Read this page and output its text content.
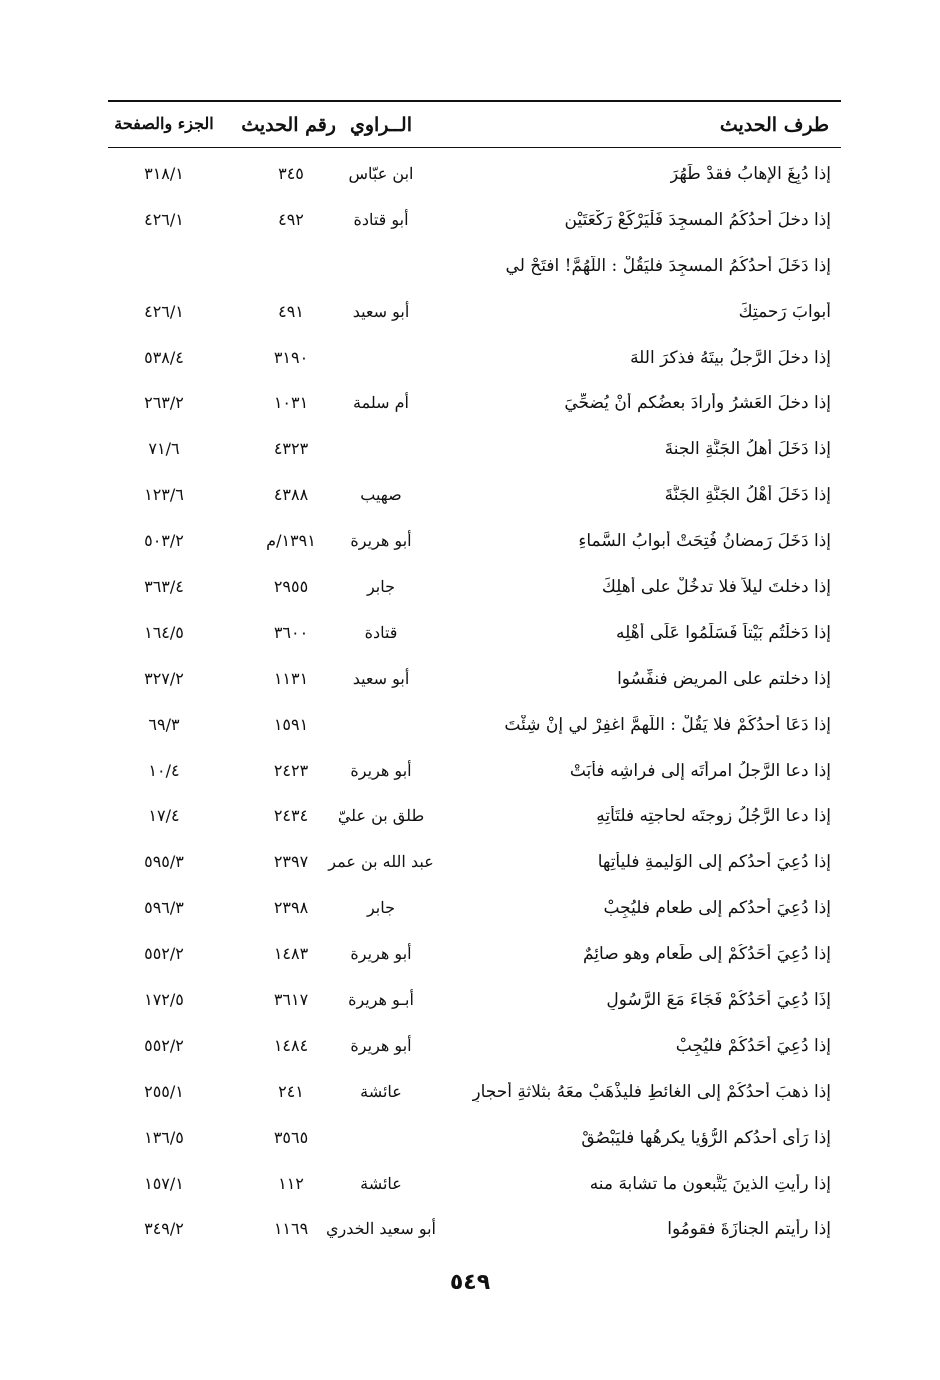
طرف الحديث
الــراوي
رقم الحديث
الجزء والصفحة
إذا دُبِغَ الإهابُ فقدْ طَهُرَ
ابن عبّاس
٣٤٥
٣١٨/١
إذا دخلَ أحدُكُمُ المسجِدَ فَلْيَرْكَعْ رَكْعَتَيْنِ
أبو قتادة
٤٩٢
٤٢٦/١
إذا دَخَلَ أحدُكُمُ المسجِدَ فليَقُلْ : اللَّهُمَّ! افتَحْ لي
أبوابَ رَحمتِكَ
أبو سعيد
٤٩١
٤٢٦/١
إذا دخلَ الرَّجلُ بيتَهُ فذكرَ اللهَ
٣١٩٠
٥٣٨/٤
إذا دخلَ العَشرُ وأرادَ بعضُكم أنْ يُضحِّيَ
أم سلمة
١٠٣١
٢٦٣/٢
إذا دَخَلَ أهلُ الجَنَّةِ الجنةَ
٤٣٢٣
٧١/٦
إذا دَخَلَ أَهْلُ الجَنَّةِ الجَنَّةَ
صهيب
٤٣٨٨
١٢٣/٦
إذا دَخَلَ رَمضانُ فُتِحَتْ أَبوابُ السَّماءِ
أبو هريرة
١٣٩١/م
٥٠٣/٢
إذا دخلتَ ليلاً فلا تدخُلْ على أهلِكَ
جابر
٢٩٥٥
٣٦٣/٤
إذا دَخلْتُم بَيْتاً فَسَلِّمُوا عَلَى أَهْلِه
قتادة
٣٦٠٠
١٦٤/٥
إذا دخلتم على المريضِ فنفِّسُوا
أبو سعيد
١١٣١
٣٢٧/٢
إذا دَعَا أحدُكُمْ فلا يَقُلْ : اللَّهمَّ اغفِرْ لي إنْ شِئْتَ
١٥٩١
٦٩/٣
إذا دعا الرَّجلُ امرأتَه إلى فراشِه فأبَتْ
أبو هريرة
٢٤٢٣
١٠/٤
إذا دعا الرَّجُلُ زوجتَه لحاجتِه فلتَأْتِهِ
طلق بن عليّ
٢٤٣٤
١٧/٤
إذا دُعِيَ أحدُكم إلى الوَليمةِ فليأتِها
عبد الله بن عمر
٢٣٩٧
٥٩٥/٣
إذا دُعِيَ أحدُكم إلى طعامٍ فليُجِبْ
جابر
٢٣٩٨
٥٩٦/٣
إذا دُعِيَ أَحَدُكُمْ إلى طَعامٍ وهو صائِمٌ
أبو هريرة
١٤٨٣
٥٥٢/٢
إِذَا دُعِيَ أَحَدُكُمْ فَجَاءَ مَعَ الرَّسُولِ
أبـو هريرة
٣٦١٧
١٧٢/٥
إذا دُعِيَ أَحَدُكُمْ فليُجِبْ
أبو هريرة
١٤٨٤
٥٥٢/٢
إذا ذهبَ أحدُكُمْ إلى الغائطِ فليذْهَبْ معَهُ بثلاثةِ أحجارٍ
عائشة
٢٤١
٢٥٥/١
إذا رَأَى أحدُكم الرُّؤيا يكرهُها فليَبْصُقْ
٣٥٦٥
١٣٦/٥
إذا رأيتِ الذينَ يَتَّبعون ما تشابهَ منه
عائشة
١١٢
١٥٧/١
إذا رأيتم الجنازَةَ فقومُوا
أبو سعيد الخدري
١١٦٩
٣٤٩/٢
٥٤٩
